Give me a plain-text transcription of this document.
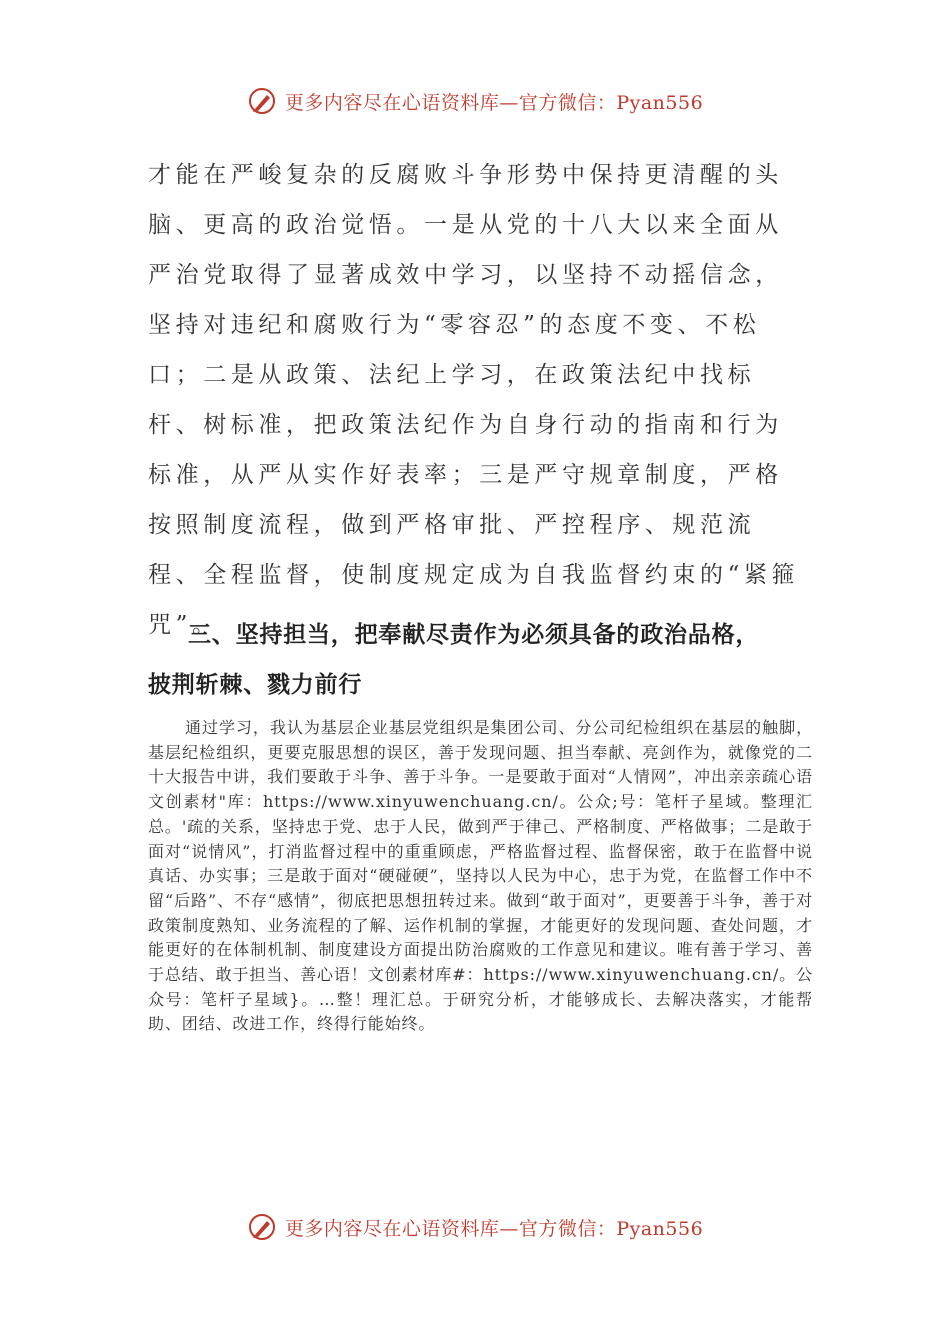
更多内容尽在心语资料库—官方微信：Pyan556
才能在严峻复杂的反腐败斗争形势中保持更清醒的头脑、更高的政治觉悟。一是从党的十八大以来全面从严治党取得了显著成效中学习，以坚持不动摇信念，坚持对违纪和腐败行为“零容忍”的态度不变、不松口；二是从政策、法纪上学习，在政策法纪中找标杆、树标准，把政策法纪作为自身行动的指南和行为标准，从严从实作好表率；三是严守规章制度，严格按照制度流程，做到严格审批、严控程序、规范流程、全程监督，使制度规定成为自我监督约束的“紧箍咒”。
三、坚持担当，把奉献尽责作为必须具备的政治品格，
披荆斩棘、戮力前行
通过学习，我认为基层企业基层党组织是集团公司、分公司纪检组织在基层的触脚，基层纪检组织，更要克服思想的误区，善于发现问题、担当奉献、亮剑作为，就像党的二十大报告中讲，我们要敢于斗争、善于斗争。一是要敢于面对“人情网”，冲出亲亲疏心语文创素材"库：https://www.xinyuwenchuang.cn/。公众;号：笔杆子星域。整理汇总。'疏的关系，坚持忠于党、忠于人民，做到严于律己、严格制度、严格做事；二是敢于面对“说情风”，打消监督过程中的重重顾虑，严格监督过程、监督保密，敢于在监督中说真话、办实事；三是敢于面对“硬碰硬”，坚持以人民为中心，忠于为党，在监督工作中不留“后路”、不存“感情”，彻底把思想扭转过来。做到“敢于面对”，更要善于斗争，善于对政策制度熟知、业务流程的了解、运作机制的掌握，才能更好的发现问题、查处问题，才能更好的在体制机制、制度建设方面提出防治腐败的工作意见和建议。唯有善于学习、善于总结、敢于担当、善心语！文创素材库#：https://www.xinyuwenchuang.cn/。公众号：笔杆子星域}。…整！理汇总。于研究分析，才能够成长、去解决落实，才能帮助、团结、改进工作，终得行能始终。
更多内容尽在心语资料库—官方微信：Pyan556
